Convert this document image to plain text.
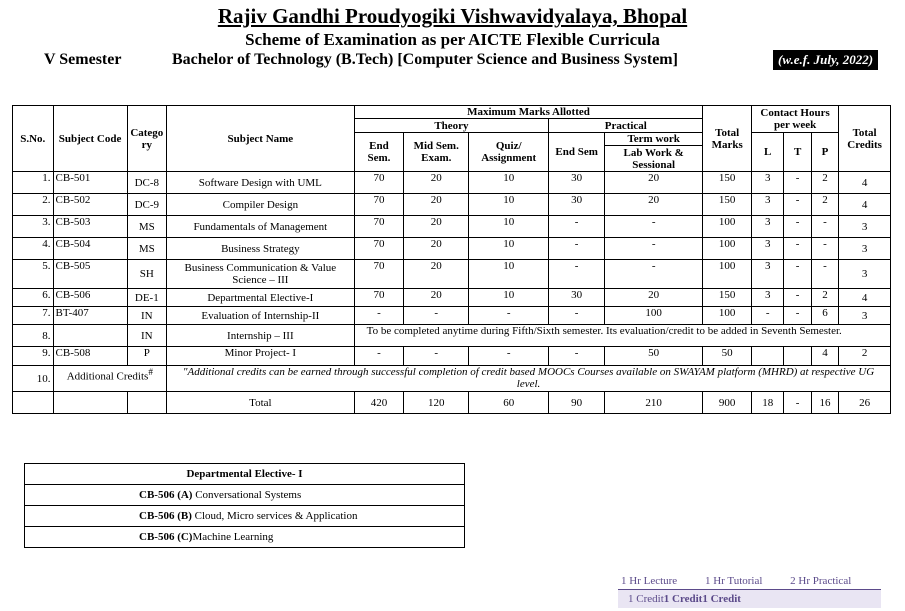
Rajiv Gandhi Proudyogiki Vishwavidyalaya, Bhopal
Scheme of Examination as per AICTE Flexible Curricula
V Semester	Bachelor of Technology (B.Tech) [Computer Science and Business System]	(w.e.f. July, 2022)
S.No.	Subject Code	Catego ry	Subject Name	Maximum Marks Allotted					Total Marks	Contact Hours per week			Total Credits
				Theory			Practical						
				End Sem.	Mid Sem. Exam.	Quiz/ Assignment	End Sem	Term work		L	T	P	
								Lab Work & Sessional					
1.	CB-501	DC-8	Software Design with UML	70	20	10	30	20	150	3	-	2	4
2.	CB-502	DC-9	Compiler Design	70	20	10	30	20	150	3	-	2	4
3.	CB-503	MS	Fundamentals of Management	70	20	10	-	-	100	3	-	-	3
4.	CB-504	MS	Business Strategy	70	20	10	-	-	100	3	-	-	3
5.	CB-505	SH	Business Communication & Value Science – III	70	20	10	-	-	100	3	-	-	3
6.	CB-506	DE-1	Departmental Elective-I	70	20	10	30	20	150	3	-	2	4
7.	BT-407	IN	Evaluation of Internship-II	-	-	-	-	100	100	-	-	6	3
8.		IN	Internship – III	To be completed anytime during Fifth/Sixth semester. Its evaluation/credit to be added in Seventh Semester.									
9.	CB-508	P	Minor Project- I	-	-	-	-	50	50			4	2
10.	Additional Credits#		"Additional credits can be earned through successful completion of credit based MOOCs Courses available on SWAYAM platform (MHRD) at respective UG level.										
			Total	420	120	60	90	210	900	18	-	16	26
Departmental Elective- I
CB-506 (A) Conversational Systems
CB-506 (B) Cloud, Micro services & Application
CB-506 (C)Machine Learning
1 Hr Lecture	1 Hr Tutorial	2 Hr Practical
1 Credit1 Credit1 Credit
